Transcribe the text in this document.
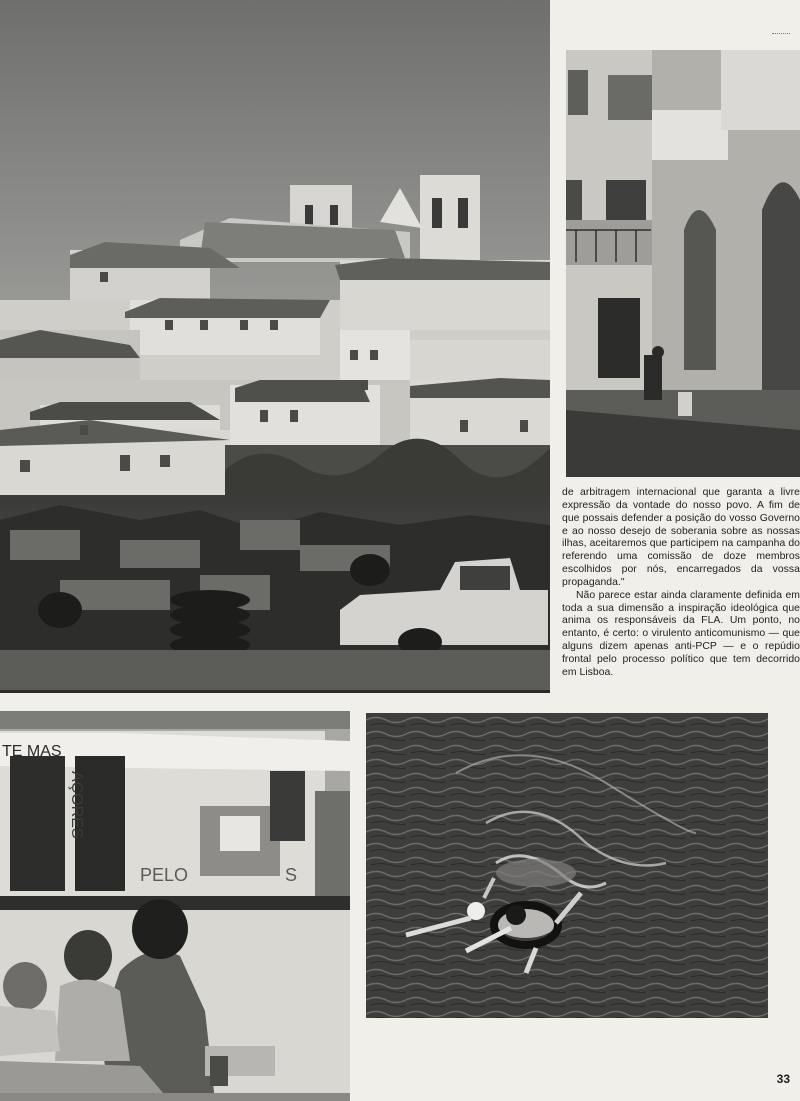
de arbitragem internacional que garanta a livre expressão da vontade do nosso povo. A fim de que possais defender a posição do vosso Governo e ao nosso desejo de soberania sobre as nossas ilhas, aceitaremos que participem na campanha do referendo uma comissão de doze membros escolhidos por nós, encarregados da vossa propaganda."

Não parece estar ainda claramente definida em toda a sua dimensão a inspiração ideológica que anima os responsáveis da FLA. Um ponto, no entanto, é certo: o virulento anticomunismo — que alguns dizem apenas anti-PCP — e o repúdio frontal pelo processo político que tem decorrido em Lisboa.

TE MAS
AÇORES
PELO	S
33
